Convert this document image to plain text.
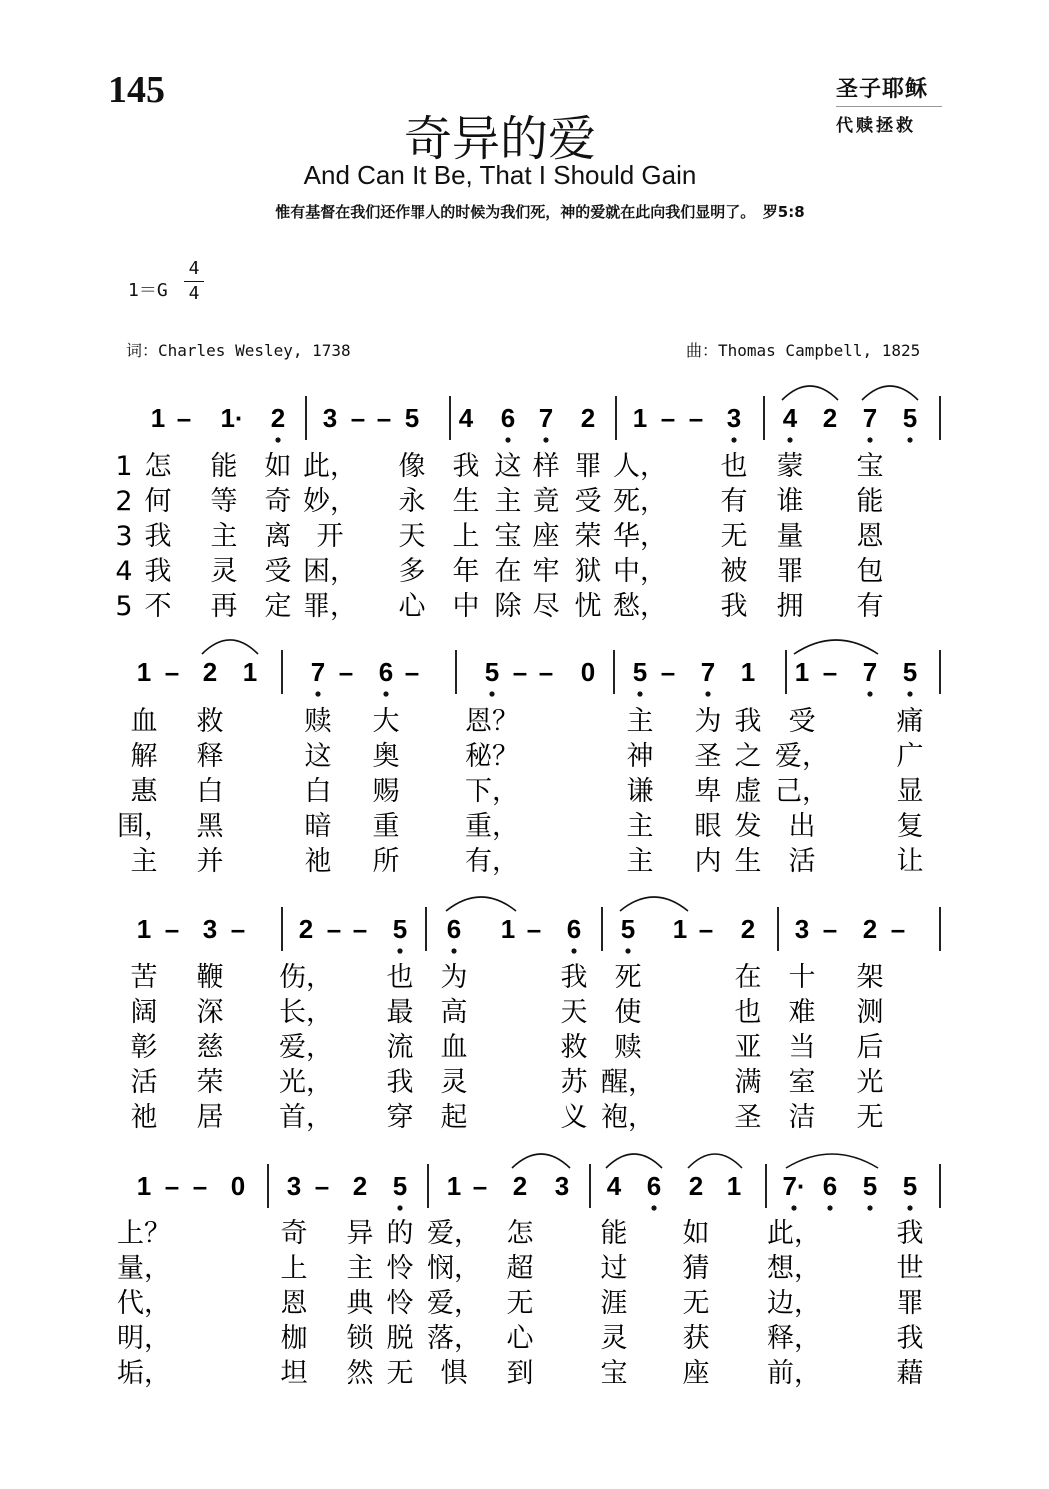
145
奇异的爱
And Can It Be, That I Should Gain
惟有基督在我们还作罪人的时候为我们死，神的爱就在此向我们显明了。　罗5:8
圣子耶稣
代赎拯救
1＝G
4
4
词：Charles Wesley, 1738	曲：Thomas Campbell, 1825
1 – 1· 2 3 – – 5 4 6 7 2 1 – – 3 4 2 7 5
1 怎 能 如 此， 像 我 这 样 罪 人， 也 蒙 宝
2 何 等 奇 妙， 永 生 主 竟 受 死， 有 谁 能
3 我 主 离 开 天 上 宝 座 荣 华， 无 量 恩
4 我 灵 受 困， 多 年 在 牢 狱 中， 被 罪 包
5 不 再 定 罪， 心 中 除 尽 忧 愁， 我 拥 有
1 – 2 1 7 – 6 –	5 – – 0 5 – 7 1 1 – 7 5
血 救	赎 大 恩？	主 为 我 受	痛
解 释	这 奥 秘？	神 圣 之 爱，	广
惠 白	白 赐 下，	谦 卑 虚 己，	显
围， 黑	暗 重 重，	主 眼 发 出	复
主 并	祂 所 有，	主 内 生 活	让
1 – 3 – 2 – – 5 6 1 – 6 5 1 – 2 3 – 2 –
苦 鞭 伤， 也 为	我 死	在 十 架
阔 深 长， 最 高	天 使	也 难 测
彰 慈 爱， 流 血	救 赎	亚 当 后
活 荣 光， 我 灵	苏 醒，	满 室 光
祂 居 首， 穿 起	义 袍，	圣 洁 无
1 – – 0 3 – 2 5 1 – 2 3 4 6 2 1 7· 6 5 5
上？	奇 异 的 爱， 怎 能 如 此，	我
量，	上 主 怜 悯， 超 过 猜 想，	世
代，	恩 典 怜 爱， 无 涯 无 边，	罪
明，	枷 锁 脱 落， 心 灵 获 释，	我
垢，	坦 然 无 惧 到 宝 座 前，	藉
